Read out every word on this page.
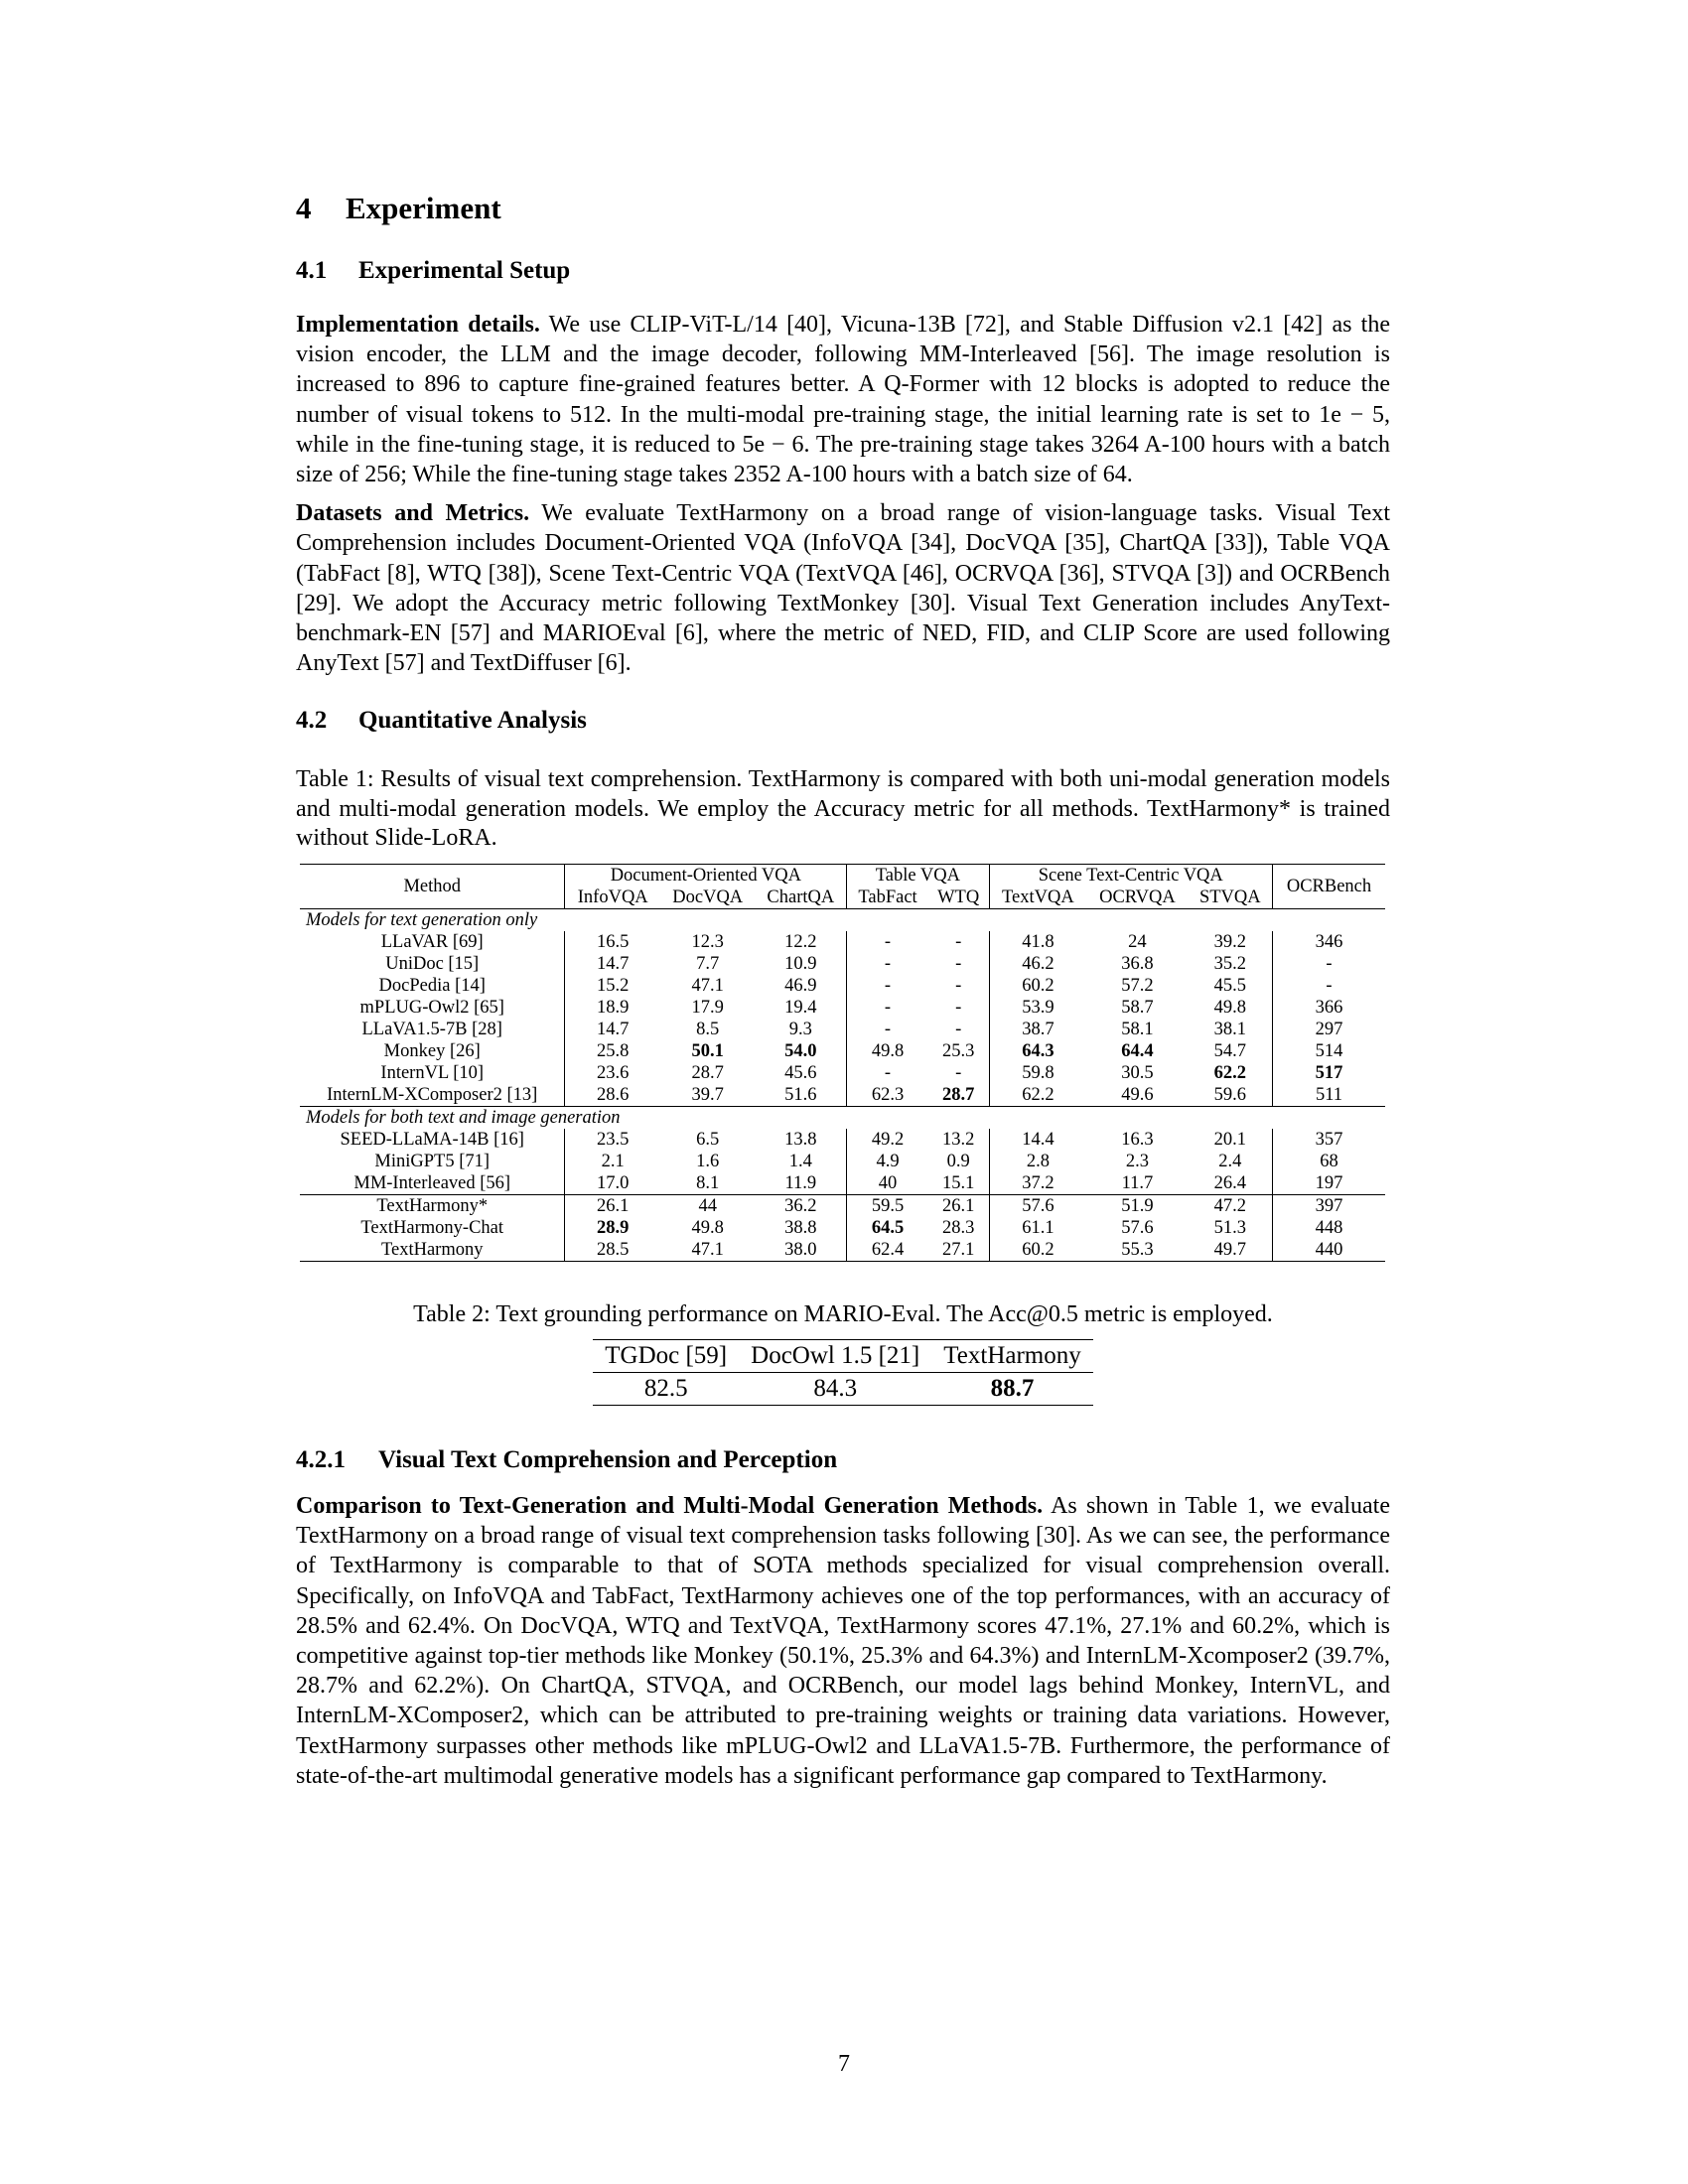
4 Experiment
4.1 Experimental Setup

Implementation details. We use CLIP-ViT-L/14 [40], Vicuna-13B [72], and Stable Diffusion v2.1 [42] as the vision encoder, the LLM and the image decoder, following MM-Interleaved [56]. The image resolution is increased to 896 to capture fine-grained features better. A Q-Former with 12 blocks is adopted to reduce the number of visual tokens to 512. In the multi-modal pre-training stage, the initial learning rate is set to 1e − 5, while in the fine-tuning stage, it is reduced to 5e − 6. The pre-training stage takes 3264 A-100 hours with a batch size of 256; While the fine-tuning stage takes 2352 A-100 hours with a batch size of 64.

Datasets and Metrics. We evaluate TextHarmony on a broad range of vision-language tasks. Visual Text Comprehension includes Document-Oriented VQA (InfoVQA [34], DocVQA [35], ChartQA [33]), Table VQA (TabFact [8], WTQ [38]), Scene Text-Centric VQA (TextVQA [46], OCRVQA [36], STVQA [3]) and OCRBench [29]. We adopt the Accuracy metric following TextMonkey [30]. Visual Text Generation includes AnyText-benchmark-EN [57] and MARIOEval [6], where the metric of NED, FID, and CLIP Score are used following AnyText [57] and TextDiffuser [6].

4.2 Quantitative Analysis

Table 1: Results of visual text comprehension. TextHarmony is compared with both uni-modal generation models and multi-modal generation models. We employ the Accuracy metric for all methods. TextHarmony* is trained without Slide-LoRA.

Method	Document-Oriented VQA			Table VQA		Scene Text-Centric VQA			OCRBench
	InfoVQA	DocVQA	ChartQA	TabFact	WTQ	TextVQA	OCRVQA	STVQA	
Models for text generation only									
LLaVAR [69]	16.5	12.3	12.2	-	-	41.8	24	39.2	346
UniDoc [15]	14.7	7.7	10.9	-	-	46.2	36.8	35.2	-
DocPedia [14]	15.2	47.1	46.9	-	-	60.2	57.2	45.5	-
mPLUG-Owl2 [65]	18.9	17.9	19.4	-	-	53.9	58.7	49.8	366
LLaVA1.5-7B [28]	14.7	8.5	9.3	-	-	38.7	58.1	38.1	297
Monkey [26]	25.8	50.1	54.0	49.8	25.3	64.3	64.4	54.7	514
InternVL [10]	23.6	28.7	45.6	-	-	59.8	30.5	62.2	517
InternLM-XComposer2 [13]	28.6	39.7	51.6	62.3	28.7	62.2	49.6	59.6	511
Models for both text and image generation									
SEED-LLaMA-14B [16]	23.5	6.5	13.8	49.2	13.2	14.4	16.3	20.1	357
MiniGPT5 [71]	2.1	1.6	1.4	4.9	0.9	2.8	2.3	2.4	68
MM-Interleaved [56]	17.0	8.1	11.9	40	15.1	37.2	11.7	26.4	197
TextHarmony*	26.1	44	36.2	59.5	26.1	57.6	51.9	47.2	397
TextHarmony-Chat	28.9	49.8	38.8	64.5	28.3	61.1	57.6	51.3	448
TextHarmony	28.5	47.1	38.0	62.4	27.1	60.2	55.3	49.7	440

Table 2: Text grounding performance on MARIO-Eval. The Acc@0.5 metric is employed.

TGDoc [59]	DocOwl 1.5 [21]	TextHarmony
82.5	84.3	88.7
4.2.1 Visual Text Comprehension and Perception

Comparison to Text-Generation and Multi-Modal Generation Methods. As shown in Table 1, we evaluate TextHarmony on a broad range of visual text comprehension tasks following [30]. As we can see, the performance of TextHarmony is comparable to that of SOTA methods specialized for visual comprehension overall. Specifically, on InfoVQA and TabFact, TextHarmony achieves one of the top performances, with an accuracy of 28.5% and 62.4%. On DocVQA, WTQ and TextVQA, TextHarmony scores 47.1%, 27.1% and 60.2%, which is competitive against top-tier methods like Monkey (50.1%, 25.3% and 64.3%) and InternLM-Xcomposer2 (39.7%, 28.7% and 62.2%). On ChartQA, STVQA, and OCRBench, our model lags behind Monkey, InternVL, and InternLM-XComposer2, which can be attributed to pre-training weights or training data variations. However, TextHarmony surpasses other methods like mPLUG-Owl2 and LLaVA1.5-7B. Furthermore, the performance of state-of-the-art multimodal generative models has a significant performance gap compared to TextHarmony.

7
